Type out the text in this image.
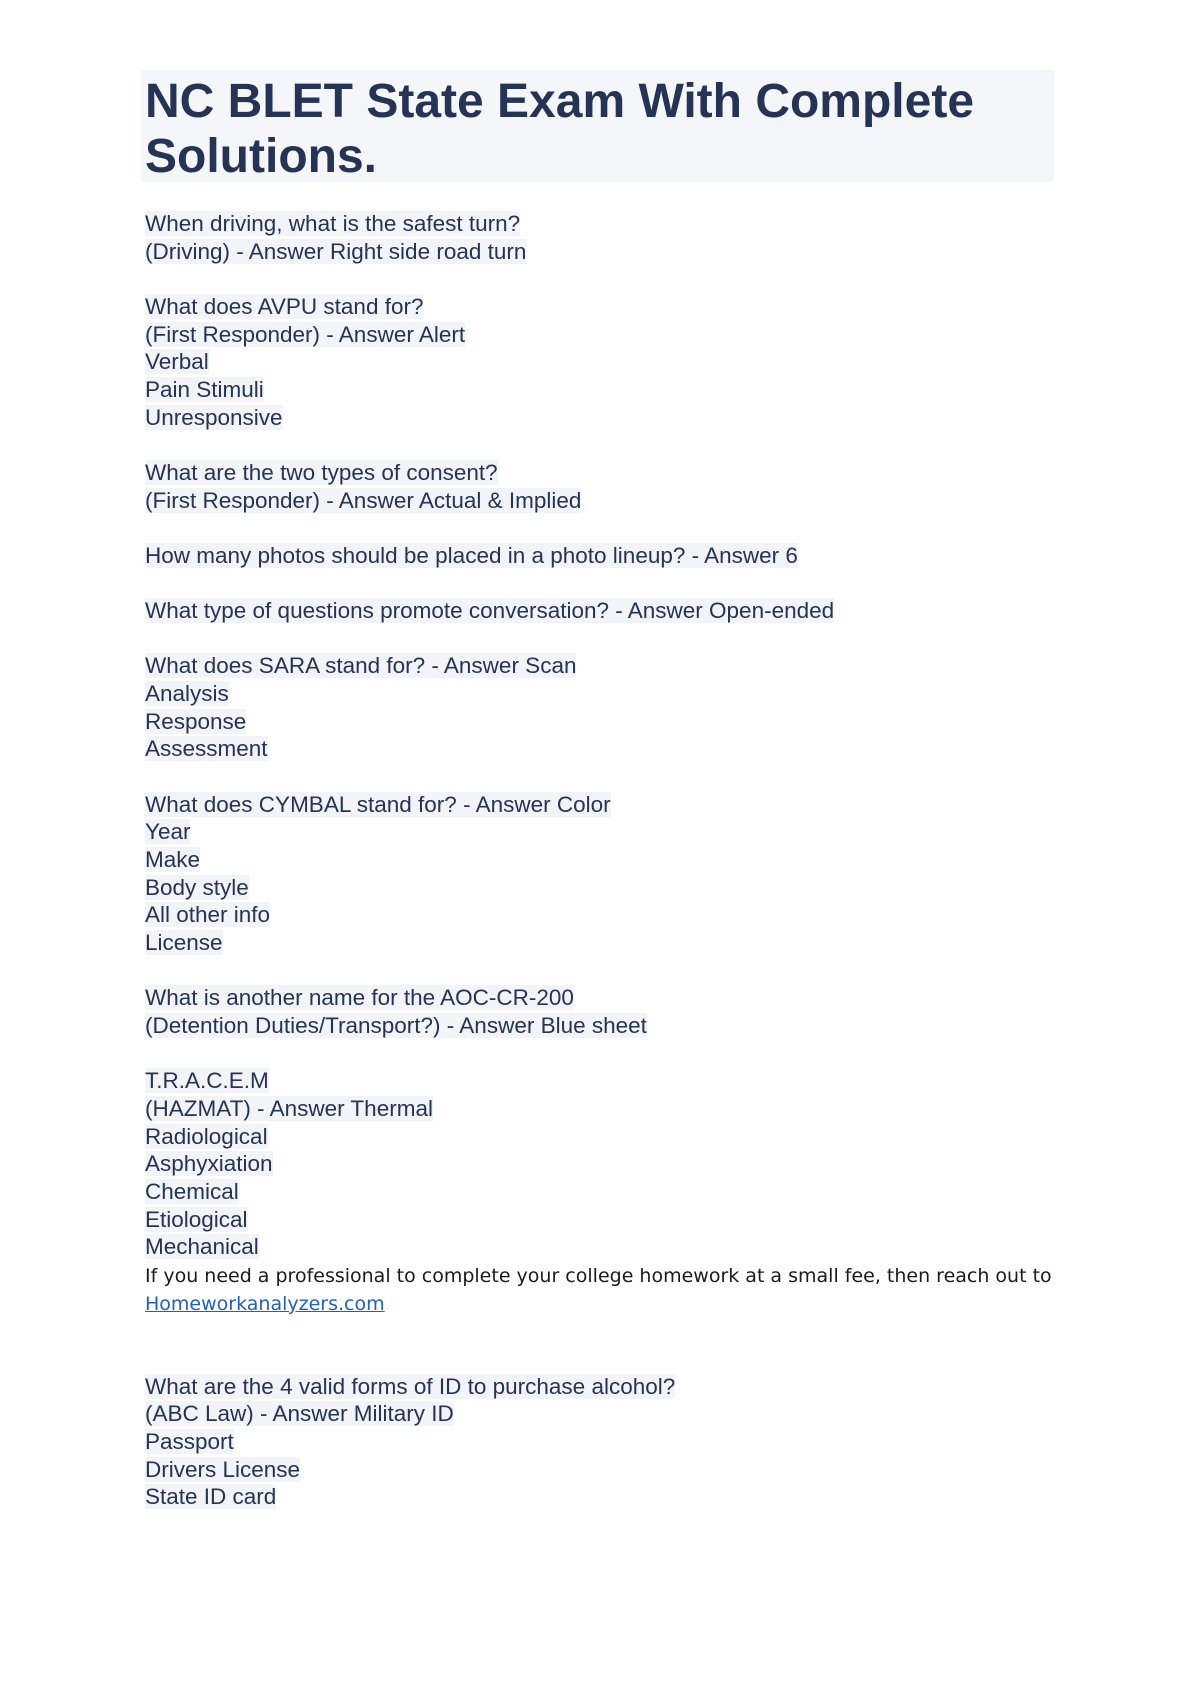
NC BLET State Exam With Complete Solutions.
When driving, what is the safest turn?
(Driving) - Answer Right side road turn
What does AVPU stand for?
(First Responder) - Answer Alert
Verbal
Pain Stimuli
Unresponsive
What are the two types of consent?
(First Responder) - Answer Actual & Implied
How many photos should be placed in a photo lineup? - Answer 6
What type of questions promote conversation? - Answer Open-ended
What does SARA stand for? - Answer Scan
Analysis
Response
Assessment
What does CYMBAL stand for? - Answer Color
Year
Make
Body style
All other info
License
What is another name for the AOC-CR-200
(Detention Duties/Transport?) - Answer Blue sheet
T.R.A.C.E.M
(HAZMAT) - Answer Thermal
Radiological
Asphyxiation
Chemical
Etiological
Mechanical
If you need a professional to complete your college homework at a small fee, then reach out to
Homeworkanalyzers.com
What are the 4 valid forms of ID to purchase alcohol?
(ABC Law) - Answer Military ID
Passport
Drivers License
State ID card
